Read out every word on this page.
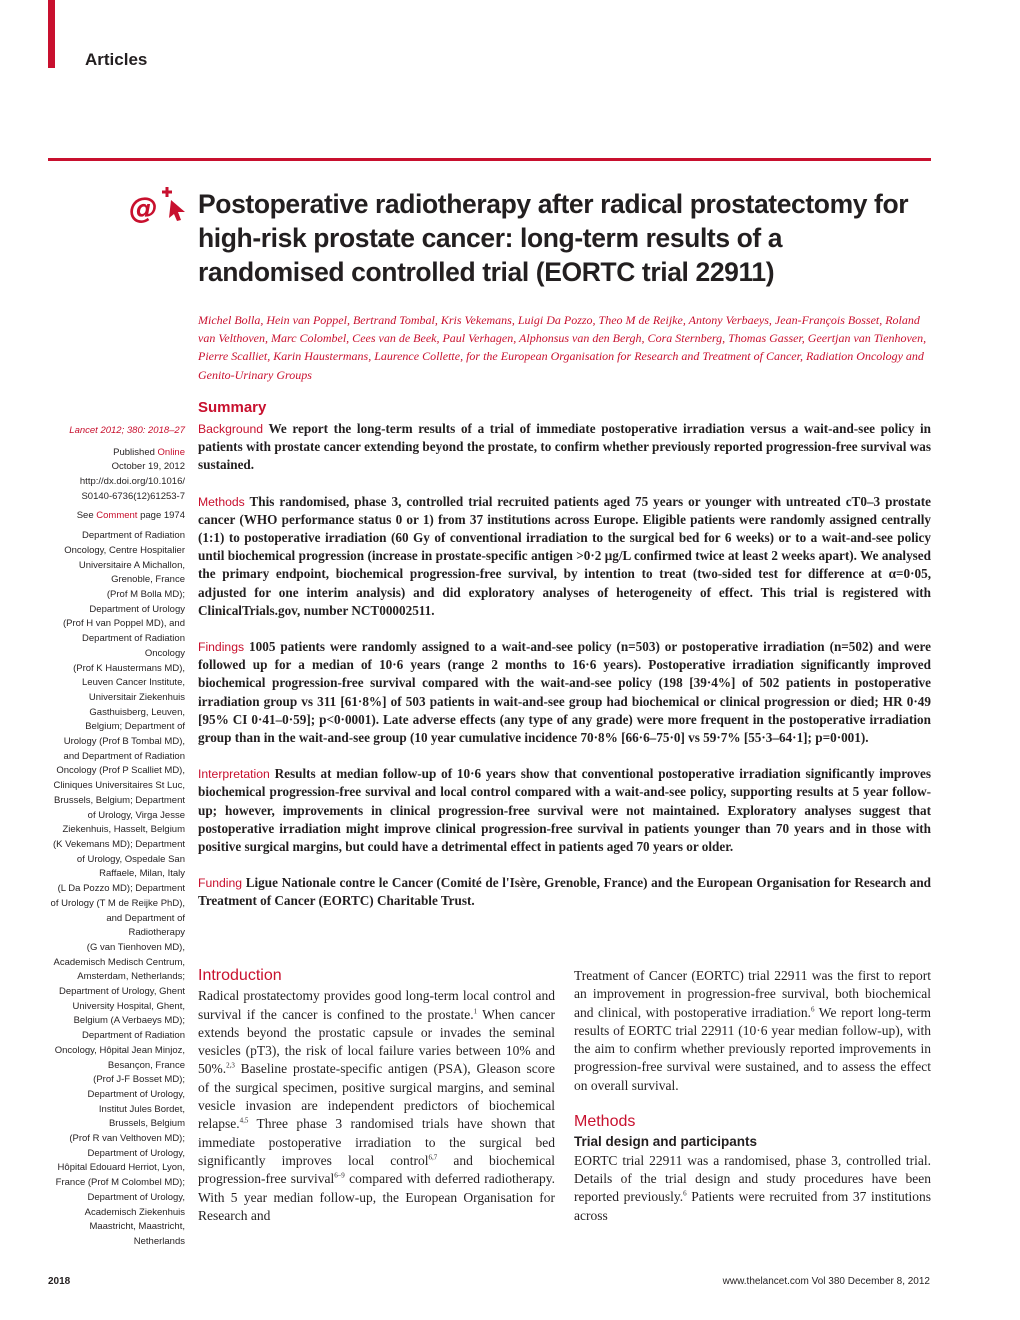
Articles
@ Postoperative radiotherapy after radical prostatectomy for high-risk prostate cancer: long-term results of a randomised controlled trial (EORTC trial 22911)

Michel Bolla, Hein van Poppel, Bertrand Tombal, Kris Vekemans, Luigi Da Pozzo, Theo M de Reijke, Antony Verbaeys, Jean-François Bosset, Roland van Velthoven, Marc Colombel, Cees van de Beek, Paul Verhagen, Alphonsus van den Bergh, Cora Sternberg, Thomas Gasser, Geertjan van Tienhoven, Pierre Scalliet, Karin Haustermans, Laurence Collette, for the European Organisation for Research and Treatment of Cancer, Radiation Oncology and Genito-Urinary Groups

Summary

Lancet 2012; 380: 2018–27

Published Online

October 19, 2012

http://dx.doi.org/10.1016/

S0140-6736(12)61253-7

See Comment page 1974

Department of Radiation

Oncology, Centre Hospitalier

Universitaire A Michallon,

Grenoble, France

(Prof M Bolla MD);

Department of Urology

(Prof H van Poppel MD), and

Department of Radiation

Oncology

(Prof K Haustermans MD),

Leuven Cancer Institute,

Universitair Ziekenhuis

Gasthuisberg, Leuven,

Belgium; Department of

Urology (Prof B Tombal MD),

and Department of Radiation

Oncology (Prof P Scalliet MD),

Cliniques Universitaires St Luc,

Brussels, Belgium; Department

of Urology, Virga Jesse

Ziekenhuis, Hasselt, Belgium

(K Vekemans MD); Department

of Urology, Ospedale San

Raffaele, Milan, Italy

(L Da Pozzo MD); Department

of Urology (T M de Reijke PhD),

and Department of

Radiotherapy

(G van Tienhoven MD),

Academisch Medisch Centrum,

Amsterdam, Netherlands;

Department of Urology, Ghent

University Hospital, Ghent,

Belgium (A Verbaeys MD);

Department of Radiation

Oncology, Hôpital Jean Minjoz,

Besançon, France

(Prof J-F Bosset MD);

Department of Urology,

Institut Jules Bordet,

Brussels, Belgium

(Prof R van Velthoven MD);

Department of Urology,

Hôpital Edouard Herriot, Lyon,

France (Prof M Colombel MD);

Department of Urology,

Academisch Ziekenhuis

Maastricht, Maastricht,

Netherlands

Background We report the long-term results of a trial of immediate postoperative irradiation versus a wait-and-see policy in patients with prostate cancer extending beyond the prostate, to confirm whether previously reported progression-free survival was sustained.

Methods This randomised, phase 3, controlled trial recruited patients aged 75 years or younger with untreated cT0–3 prostate cancer (WHO performance status 0 or 1) from 37 institutions across Europe. Eligible patients were randomly assigned centrally (1:1) to postoperative irradiation (60 Gy of conventional irradiation to the surgical bed for 6 weeks) or to a wait-and-see policy until biochemical progression (increase in prostate-specific antigen >0·2 μg/L confirmed twice at least 2 weeks apart). We analysed the primary endpoint, biochemical progression-free survival, by intention to treat (two-sided test for difference at α=0·05, adjusted for one interim analysis) and did exploratory analyses of heterogeneity of effect. This trial is registered with ClinicalTrials.gov, number NCT00002511.

Findings 1005 patients were randomly assigned to a wait-and-see policy (n=503) or postoperative irradiation (n=502) and were followed up for a median of 10·6 years (range 2 months to 16·6 years). Postoperative irradiation significantly improved biochemical progression-free survival compared with the wait-and-see policy (198 [39·4%] of 502 patients in postoperative irradiation group vs 311 [61·8%] of 503 patients in wait-and-see group had biochemical or clinical progression or died; HR 0·49 [95% CI 0·41–0·59]; p<0·0001). Late adverse effects (any type of any grade) were more frequent in the postoperative irradiation group than in the wait-and-see group (10 year cumulative incidence 70·8% [66·6–75·0] vs 59·7% [55·3–64·1]; p=0·001).

Interpretation Results at median follow-up of 10·6 years show that conventional postoperative irradiation significantly improves biochemical progression-free survival and local control compared with a wait-and-see policy, supporting results at 5 year follow-up; however, improvements in clinical progression-free survival were not maintained. Exploratory analyses suggest that postoperative irradiation might improve clinical progression-free survival in patients younger than 70 years and in those with positive surgical margins, but could have a detrimental effect in patients aged 70 years or older.

Funding Ligue Nationale contre le Cancer (Comité de l'Isère, Grenoble, France) and the European Organisation for Research and Treatment of Cancer (EORTC) Charitable Trust.

Introduction

Radical prostatectomy provides good long-term local control and survival if the cancer is confined to the prostate.$^1$ When cancer extends beyond the prostatic capsule or invades the seminal vesicles (pT3), the risk of local failure varies between 10% and 50%.$^{2,3}$ Baseline prostate-specific antigen (PSA), Gleason score of the surgical specimen, positive surgical margins, and seminal vesicle invasion are independent predictors of biochemical relapse.$^{4,5}$ Three phase 3 randomised trials have shown that immediate postoperative irradiation to the surgical bed significantly improves local control$^{6,7}$ and biochemical progression-free survival$^{6-9}$ compared with deferred radiotherapy. With 5 year median follow-up, the European Organisation for Research and

Treatment of Cancer (EORTC) trial 22911 was the first to report an improvement in progression-free survival, both biochemical and clinical, with postoperative irradiation.$^6$ We report long-term results of EORTC trial 22911 (10·6 year median follow-up), with the aim to confirm whether previously reported improvements in progression-free survival were sustained, and to assess the effect on overall survival.

Methods
Trial design and participants

EORTC trial 22911 was a randomised, phase 3, controlled trial. Details of the trial design and study procedures have been reported previously.$^6$ Patients were recruited from 37 institutions across

2018	www.thelancet.com Vol 380 December 8, 2012
